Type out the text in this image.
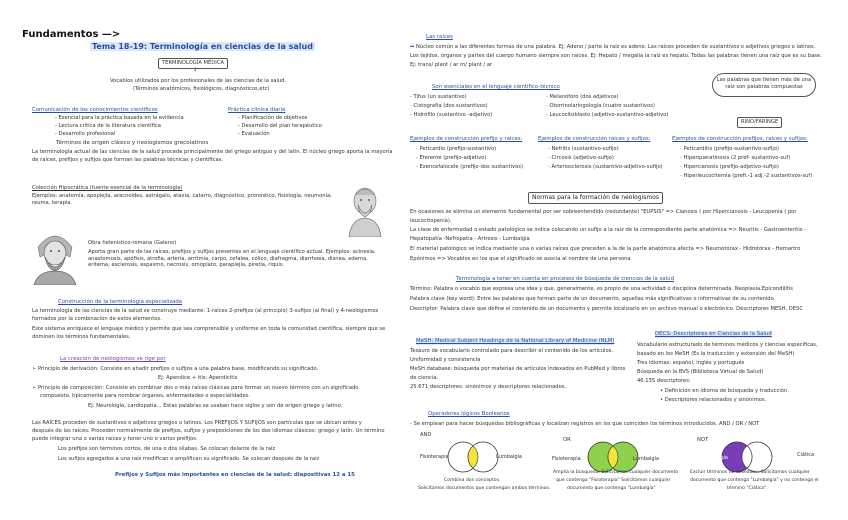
Fundamentos —>
Tema 18-19: Terminología en ciencias de la salud
TERMINOLOGÍA MÉDICA
↓
Vocablos utilizados por los profesionales de las ciencias de la salud.
(Términos anatómicos, fisiológicos, diagnósticos,etc)
Comunicación de los conocimientos científicos
- Esencial para la práctica basada en la evidencia
- Lectura crítica de la literatura científica
- Desarrollo profesional
Práctica clínica diaria
- Planificación de objetivos
- Desarrollo del plan terapéutico
- Evaluación
Términos de origen clásico y neologismos grecolatinos
La terminología actual de las ciencias de la salud procede principalmente del griego antiguo y del latín. El núcleo griego aporta la mayoría
de raíces, prefijos y sufijos que forman las palabras técnicas y científicas.
Colección Hipocrática (fuente esencial de la terminología)
Ejemplos: anatomía, apoplejía, aracnoides, astrágalo, ataxia, catarro, diagnóstico, pronóstico, fisiología, neumonía, reuma, terapia.
Obra helenístico-romana (Galeno)
Aporta gran parte de las raíces, prefijos y sufijos presentes en el lenguaje científico actual. Ejemplos: acinesia, anastomosis, apófisis, atrofia, arteria, arritmia, carpo, cefalea, cólico, diafragma, diarrhoea, disnea, edema, eritema, esclerosis, espasmo, necrosis, omóplato, paraplejía, piretía, riquis.
Construcción de la terminología especializada
La terminología de las ciencias de la salud se construye mediante: 1-raíces 2-prefijos (al principio) 3-sufijos (al final) y 4-neologismos
formados por la combinación de estos elementos.
Este sistema enriquece el lenguaje médico y permite que sea comprensible y uniforme en toda la comunidad científica, siempre que se
dominen los términos fundamentales.
La creación de neologismos se rige por
➢ Principio de derivación: Consiste en añadir prefijos o sufijos a una palabra base, modificando su significado.
Ej: Apendice + itis: Apendicitis
➢ Principio de composición: Consiste en combinar dos o más raíces clásicas para formar un nuevo término con un significado
compuesto, típicamente para nombrar órganos, enfermedades o especialidades.
Ej: Neurología, cardiopatía... Estas palabras se usaban hace siglos y son de origen griego y latino.
Las RAÍCES proceden de sustantivos o adjetivos griegos o latinos. Los PREFIJOS Y SUFIJOS son partículas que se ubican antes y
después de las raíces. Proceden normalmente de prefijos, sufijos y preposiciones de los dos idiomas clásicos: griego y latín. Un término
puede integrar una o varias raíces y tener uno o varios prefijos.
Los prefijos son términos cortos, de una o dos sílabas. Se colocan delante de la raíz
Los sufijos agregados a una raíz modifican o amplifican su significado. Se colocan después de la raíz
Prefijos y Sufijos más importantes en ciencias de la salud: diapositivas 12 a 15
Las raíces
➡ Núcleo común a las diferentes formas de una palabra. Ej: Adeno / parte la raíz es adeno. Las raíces proceden de sustantivos o adjetivos griegos o latinos.
Los tejidos, órganos y partes del cuerpo humano siempre son raíces. Ej: Hepato / megalia la raíz es hepato. Todas las palabras tienen una raíz que es su base.
Ej: trans/ plant / ar m/ plant / ar
Las palabras que tienen más de una raíz son palabras compuestas
RINO/FARINGE
Son esenciales en el lenguaje científico-técnico
- Tifus (un sustantivo)
- Cistografía (dos sustantivos)
- Hidrófilo (sustantivo -adjetivo)
- Melanóforo (dos adjetivos)
- Otorrinolaringología (cuatro sustantivos)
- Leucocitoblasto (adjetivo-sustantivo-adjetivo)
Ejemplos de construcción prefijo y raíces:
- Pericardio (prefijo-sustantivo)
- Eferente (prefijo-adjetivo)
- Exencefalocele (prefijo-dos sustantivos)
Ejemplos de construcción raíces y sufijos:
- Nefritis (sustantivo-sufijo)
- Circosis (adjetivo-sufijo)
- Arteriosclerosis (sustantivo-adjetivo-sufijo)
Ejemplos de construcción prefijos, raíces y sufijos:
- Pericarditis (prefijo-sustantivo-sufijo)
- Hiperqueratinosis (2 pref- sustantivo-suf)
- Hipercianosis (prefijo-adjetivo-sufijo)
- Hiperleucocitemia (prefi.-1 adj.-2 sustantivos-suf)
Normas para la formación de neologismos
En ocasiones se elimina un elemento fundamental por ser sobreentendido (redundante) "EUPSIS" => Cianosis ( por Hipercianosis - Leucopenia ( por
leucocitopenia).
La clase de enfermedad o estado patológico se indica colocando un sufijo a la raíz de la correspondiente parte anatómica => Neuritis - Gastroenteritis -
Hepatopatía -Nefropatía - Artrosis - Lumbalgia
El material patológico se indica mediante una o varias raíces que preceden a la de la parte anatómica afecta => Neumotórax - Hidrotórax - Hemartro
Epónimos => Vocablos en los que el significado se asocia al nombre de una persona
Terminología a tener en cuenta en procesos de búsqueda de ciencias de la salud
Término: Palabra o vocablo que expresa una idea y que, generalmente, es propio de una actividad o disciplina determinada. Neoplasia,Epicondilitis
Palabra clave (key word): Entre las palabras que forman parte de un documento, aquellas más significativas o informativas de su contenido.
Descriptor: Palabra clave que define el contenido de un documento y permite localizarlo en un archivo manual o electrónico. Descriptores MESH, DESC
MeSH: Medical Subject Headings de la National Library of Medicine (NLM)
Tesauro de vocabulario controlado para describir el contenido de los artículos.
Uniformidad y consistencia
MeSH database: búsqueda por materias de artículos indexados en PubMed y libros
de ciencia.
25.671 descriptores: sinónimos y descriptores relacionados.
DECS: Descriptores en Ciencias de la Salud
Vocabulario estructurado de términos médicos y ciencias específicas,
basado en los MeSH (Es la traducción y extensión del MeSH)
Tres idiomas: español, inglés y portugués
Búsqueda en la BVS (Biblioteca Virtual de Salud)
46.135 descriptores:
• Definición en idioma de búsqueda y traducción.
• Descriptores relacionados y sinónimos.
Operadores lógicos Booleanos
- Se emplean para hacer búsquedas bibliográficas y localizan registros en los que coinciden los términos introducidos. AND / OR / NOT
AND
Fisioterapia	Lumbalgia
Combina dos conceptos.
Solicitamos documentos que contengan ambos términos.
OR
Fisioterapia	Lumbalgia
Amplía la búsqueda. Solicitamos cualquier documento
que contenga "Fisioterapia" Solicitamos cualquier
documento que contenga "Lumbalgia"
NOT
Lumbalgia	Ciática
Excluir términos no deseados. Solicitamos cualquier
documento que contenga "Lumbalgia" y no contenga el
término "Ciática".
